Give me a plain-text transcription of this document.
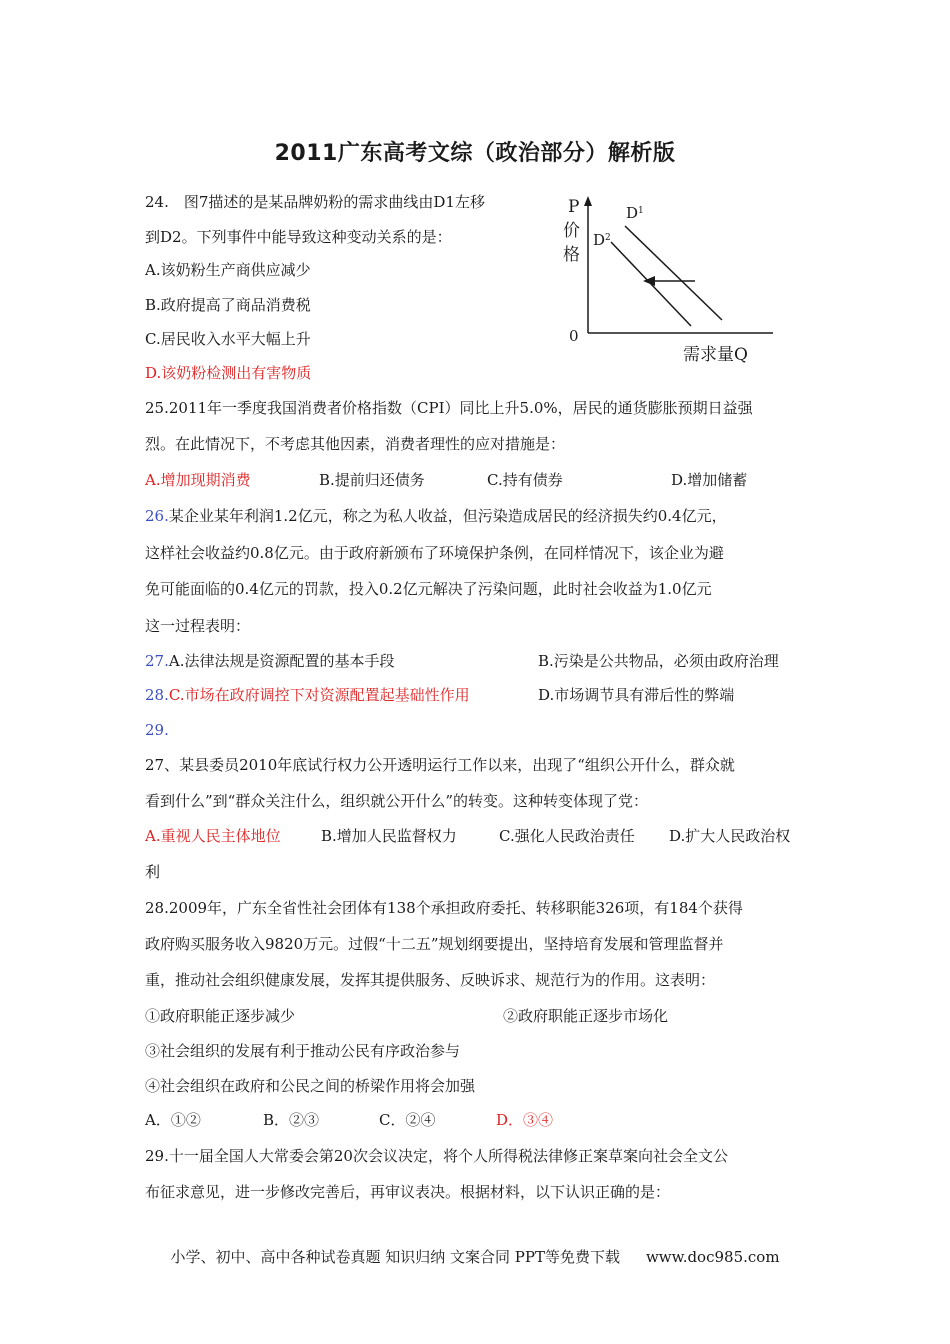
2011广东高考文综（政治部分）解析版
24.　图7描述的是某品牌奶粉的需求曲线由D1左移
到D2。下列事件中能导致这种变动关系的是：
A.该奶粉生产商供应减少
B.政府提高了商品消费税
C.居民收入水平大幅上升
D.该奶粉检测出有害物质
P
价
格
0
$D^1$
$D^2$
需求量Q
25.2011年一季度我国消费者价格指数（CPI）同比上升5.0%，居民的通货膨胀预期日益强
烈。在此情况下，不考虑其他因素，消费者理性的应对措施是：
A.增加现期消费	B.提前归还债务	C.持有债券	D.增加储蓄
26.某企业某年利润1.2亿元，称之为私人收益，但污染造成居民的经济损失约0.4亿元，
这样社会收益约0.8亿元。由于政府新颁布了环境保护条例，在同样情况下，该企业为避
免可能面临的0.4亿元的罚款，投入0.2亿元解决了污染问题，此时社会收益为1.0亿元
这一过程表明：
27.A.法律法规是资源配置的基本手段	B.污染是公共物品，必须由政府治理
28.C.市场在政府调控下对资源配置起基础性作用	D.市场调节具有滞后性的弊端
29.
27、某县委员2010年底试行权力公开透明运行工作以来，出现了“组织公开什么，群众就
看到什么”到“群众关注什么，组织就公开什么”的转变。这种转变体现了党：
A.重视人民主体地位	B.增加人民监督权力	C.强化人民政治责任 D.扩大人民政治权
利
28.2009年，广东全省性社会团体有138个承担政府委托、转移职能326项，有184个获得
政府购买服务收入9820万元。过假“十二五”规划纲要提出，坚持培育发展和管理监督并
重，推动社会组织健康发展，发挥其提供服务、反映诉求、规范行为的作用。这表明：
①政府职能正逐步减少	②政府职能正逐步市场化
③社会组织的发展有利于推动公民有序政治参与
④社会组织在政府和公民之间的桥梁作用将会加强
A．①②	B．②③	C．②④	D．③④
29.十一届全国人大常委会第20次会议决定，将个人所得税法律修正案草案向社会全文公
布征求意见，进一步修改完善后，再审议表决。根据材料，以下认识正确的是：
小学、初中、高中各种试卷真题 知识归纳 文案合同 PPT等免费下载 www.doc985.com
